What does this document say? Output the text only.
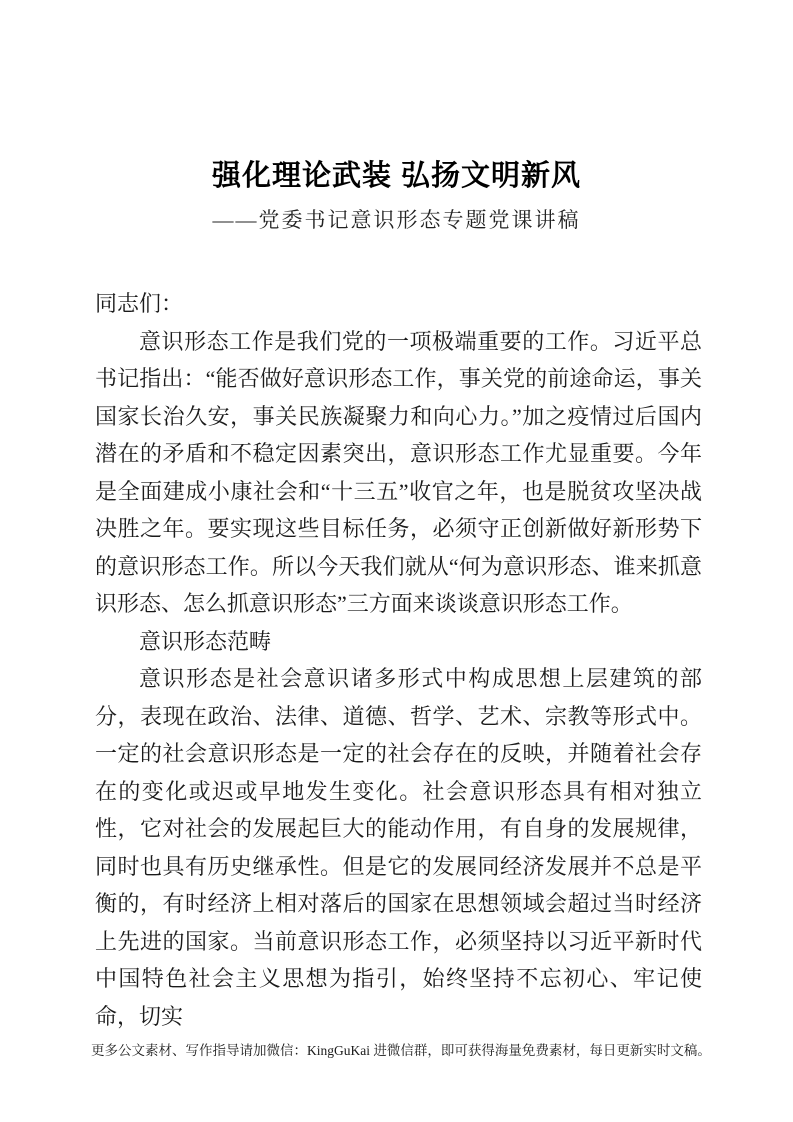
强化理论武装 弘扬文明新风
——党委书记意识形态专题党课讲稿

同志们：

意识形态工作是我们党的一项极端重要的工作。习近平总书记指出：“能否做好意识形态工作，事关党的前途命运，事关国家长治久安，事关民族凝聚力和向心力。”加之疫情过后国内潜在的矛盾和不稳定因素突出，意识形态工作尤显重要。今年是全面建成小康社会和“十三五”收官之年，也是脱贫攻坚决战决胜之年。要实现这些目标任务，必须守正创新做好新形势下的意识形态工作。所以今天我们就从“何为意识形态、谁来抓意识形态、怎么抓意识形态”三方面来谈谈意识形态工作。

意识形态范畴

意识形态是社会意识诸多形式中构成思想上层建筑的部分，表现在政治、法律、道德、哲学、艺术、宗教等形式中。一定的社会意识形态是一定的社会存在的反映，并随着社会存在的变化或迟或早地发生变化。社会意识形态具有相对独立性，它对社会的发展起巨大的能动作用，有自身的发展规律，同时也具有历史继承性。但是它的发展同经济发展并不总是平衡的，有时经济上相对落后的国家在思想领域会超过当时经济上先进的国家。当前意识形态工作，必须坚持以习近平新时代中国特色社会主义思想为指引，始终坚持不忘初心、牢记使命，切实

更多公文素材、写作指导请加微信：KingGuKai 进微信群，即可获得海量免费素材，每日更新实时文稿。
